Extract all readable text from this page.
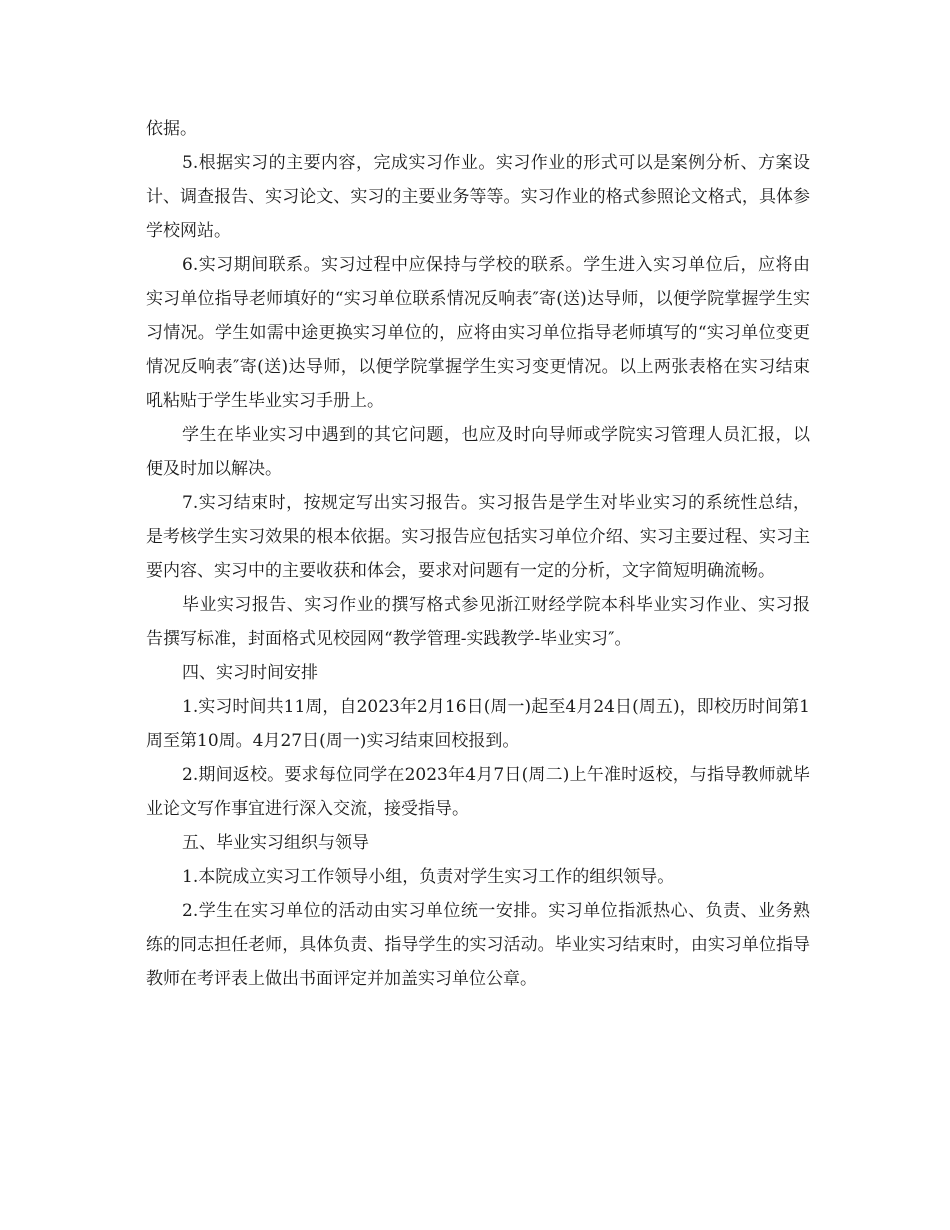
依据。

5.根据实习的主要内容，完成实习作业。实习作业的形式可以是案例分析、方案设计、调查报告、实习论文、实习的主要业务等等。实习作业的格式参照论文格式，具体参学校网站。

6.实习期间联系。实习过程中应保持与学校的联系。学生进入实习单位后，应将由实习单位指导老师填好的“实习单位联系情况反响表″寄(送)达导师，以便学院掌握学生实习情况。学生如需中途更换实习单位的，应将由实习单位指导老师填写的“实习单位变更情况反响表″寄(送)达导师，以便学院掌握学生实习变更情况。以上两张表格在实习结束吼粘贴于学生毕业实习手册上。

学生在毕业实习中遇到的其它问题，也应及时向导师或学院实习管理人员汇报，以便及时加以解决。

7.实习结束时，按规定写出实习报告。实习报告是学生对毕业实习的系统性总结，是考核学生实习效果的根本依据。实习报告应包括实习单位介绍、实习主要过程、实习主要内容、实习中的主要收获和体会，要求对问题有一定的分析，文字简短明确流畅。

毕业实习报告、实习作业的撰写格式参见浙江财经学院本科毕业实习作业、实习报告撰写标准，封面格式见校园网“教学管理-实践教学-毕业实习″。

四、实习时间安排

1.实习时间共11周，自2023年2月16日(周一)起至4月24日(周五)，即校历时间第1周至第10周。4月27日(周一)实习结束回校报到。

2.期间返校。要求每位同学在2023年4月7日(周二)上午准时返校，与指导教师就毕业论文写作事宜进行深入交流，接受指导。

五、毕业实习组织与领导

1.本院成立实习工作领导小组，负责对学生实习工作的组织领导。

2.学生在实习单位的活动由实习单位统一安排。实习单位指派热心、负责、业务熟练的同志担任老师，具体负责、指导学生的实习活动。毕业实习结束时，由实习单位指导教师在考评表上做出书面评定并加盖实习单位公章。
